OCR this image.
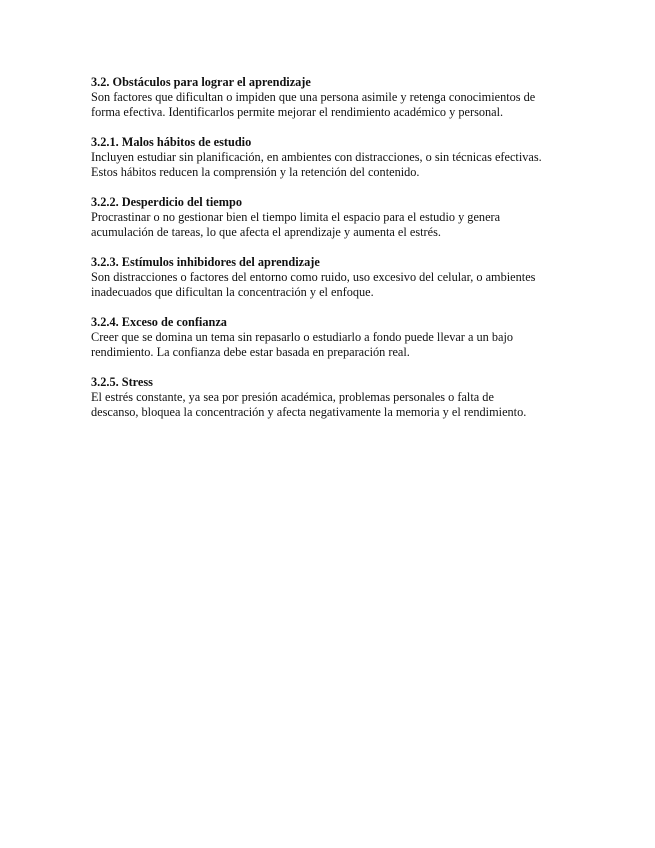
3.2. Obstáculos para lograr el aprendizaje

Son factores que dificultan o impiden que una persona asimile y retenga conocimientos de
forma efectiva. Identificarlos permite mejorar el rendimiento académico y personal.

3.2.1. Malos hábitos de estudio

Incluyen estudiar sin planificación, en ambientes con distracciones, o sin técnicas efectivas.
Estos hábitos reducen la comprensión y la retención del contenido.

3.2.2. Desperdicio del tiempo

Procrastinar o no gestionar bien el tiempo limita el espacio para el estudio y genera
acumulación de tareas, lo que afecta el aprendizaje y aumenta el estrés.

3.2.3. Estímulos inhibidores del aprendizaje

Son distracciones o factores del entorno como ruido, uso excesivo del celular, o ambientes
inadecuados que dificultan la concentración y el enfoque.

3.2.4. Exceso de confianza

Creer que se domina un tema sin repasarlo o estudiarlo a fondo puede llevar a un bajo
rendimiento. La confianza debe estar basada en preparación real.

3.2.5. Stress

El estrés constante, ya sea por presión académica, problemas personales o falta de
descanso, bloquea la concentración y afecta negativamente la memoria y el rendimiento.
